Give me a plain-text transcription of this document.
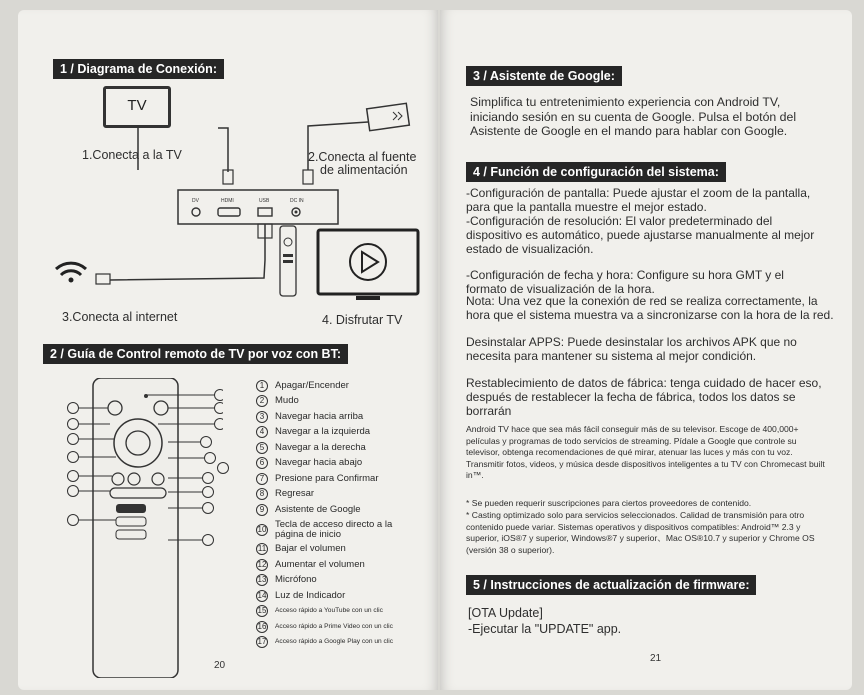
1 / Diagrama de Conexión:
TV
1.Conecta a la TV	2.Conecta al fuente
de alimentación
DV	HDMI	USB	DC IN
3.Conecta al internet	4. Disfrutar TV
2 / Guía de Control remoto de TV por voz con BT:
1	Apagar/Encender
2	Mudo
3	Navegar hacia arriba
4	Navegar a la izquierda
5	Navegar a la derecha
6	Navegar hacia abajo
7	Presione para Confirmar
8	Regresar
9	Asistente de Google
10 Tecla de acceso directo a la página de inicio
11 Bajar el volumen
12 Aumentar el volumen
13 Micrófono
14 Luz de Indicador
15 Acceso rápido a YouTube con un clic
16 Acceso rápido a Prime Video con un clic
17 Acceso rápido a Google Play con un clic
20
3 / Asistente de Google:
Simplifica tu entretenimiento experiencia con Android TV, iniciando sesión en su cuenta de Google. Pulsa el botón del Asistente de Google en el mando para hablar con Google.
4 / Función de configuración del sistema:
-Configuración de pantalla: Puede ajustar el zoom de la pantalla, para que la pantalla muestre el mejor estado.
-Configuración de resolución: El valor predeterminado del dispositivo es automático, puede ajustarse manualmente al mejor estado de visualización.
-Configuración de fecha y hora: Configure su hora GMT y el formato de visualización de la hora.
Nota: Una vez que la conexión de red se realiza correctamente, la hora que el sistema muestra va a sincronizarse con la hora de la red.
Desinstalar APPS: Puede desinstalar los archivos APK que no necesita para mantener su sistema al mejor condición.
Restablecimiento de datos de fábrica: tenga cuidado de hacer eso, después de restablecer la fecha de fábrica, todos los datos se borrarán
Android TV hace que sea más fácil conseguir más de su televisor. Escoge de 400,000+ películas y programas de todo servicios de streaming. Pídale a Google que controle su televisor, obtenga recomendaciones de qué mirar, atenuar las luces y más con tu voz. Transmitir fotos, videos, y música desde dispositivos inteligentes a tu TV con Chromecast built in™.
* Se pueden requerir suscripciones para ciertos proveedores de contenido.
* Casting optimizado solo para servicios seleccionados. Calidad de transmisión para otro contenido puede variar. Sistemas operativos y dispositivos compatibles: Android™ 2.3 y superior, iOS®7 y superior, Windows®7 y superior、Mac OS®10.7 y superior y Chrome OS (versión 38 o superior).
5 / Instrucciones de actualización de firmware:
[OTA Update]
-Ejecutar la "UPDATE" app.
21
